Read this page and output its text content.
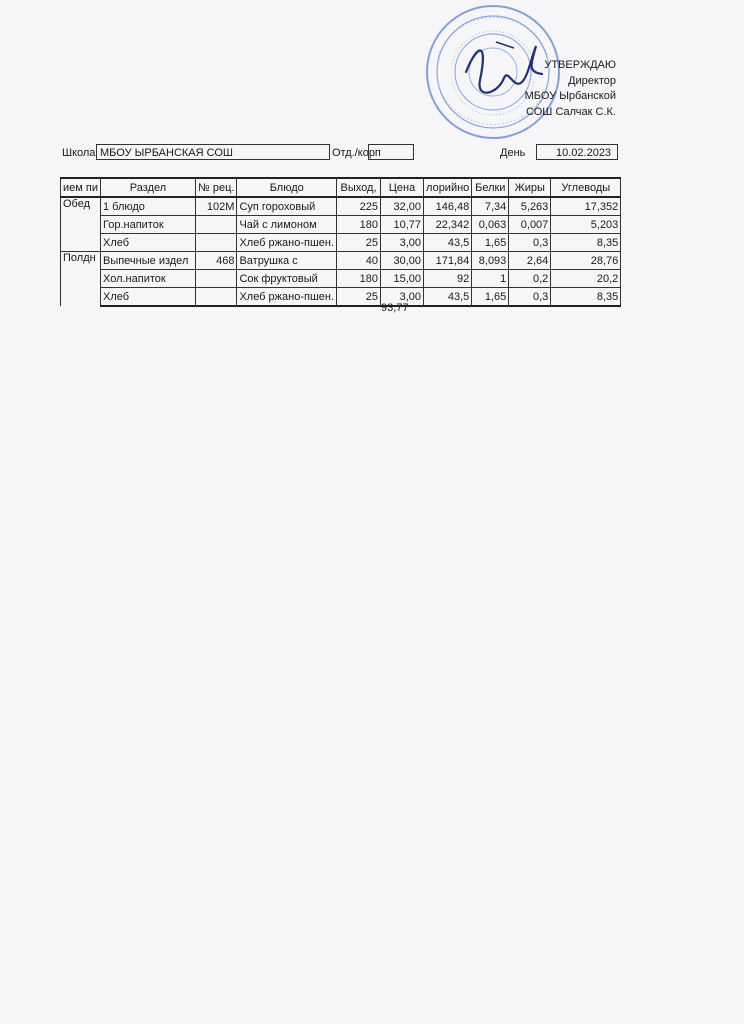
УТВЕРЖДАЮ
Директор
МБОУ Ырбанской
СОШ Салчак С.К.
Школа МБОУ ЫРБАНСКАЯ СОШ	Отд./корп	День	10.02.2023
ием пи	Раздел	№ рец.	Блюдо	Выход,	Цена	лорийно	Белки	Жиры	Углеводы
Обед	1 блюдо	102М	Суп гороховый	225	32,00	146,48	7,34	5,263	17,352
	Гор.напиток		Чай с лимоном	180	10,77	22,342	0,063	0,007	5,203
	Хлеб		Хлеб ржано-пшен.	25	3,00	43,5	1,65	0,3	8,35
Полдн	Выпечные издел	468	Ватрушка с	40	30,00	171,84	8,093	2,64	28,76
	Хол.напиток		Сок фруктовый	180	15,00	92	1	0,2	20,2
	Хлеб		Хлеб ржано-пшен.	25	3,00	43,5	1,65	0,3	8,35
93,77
